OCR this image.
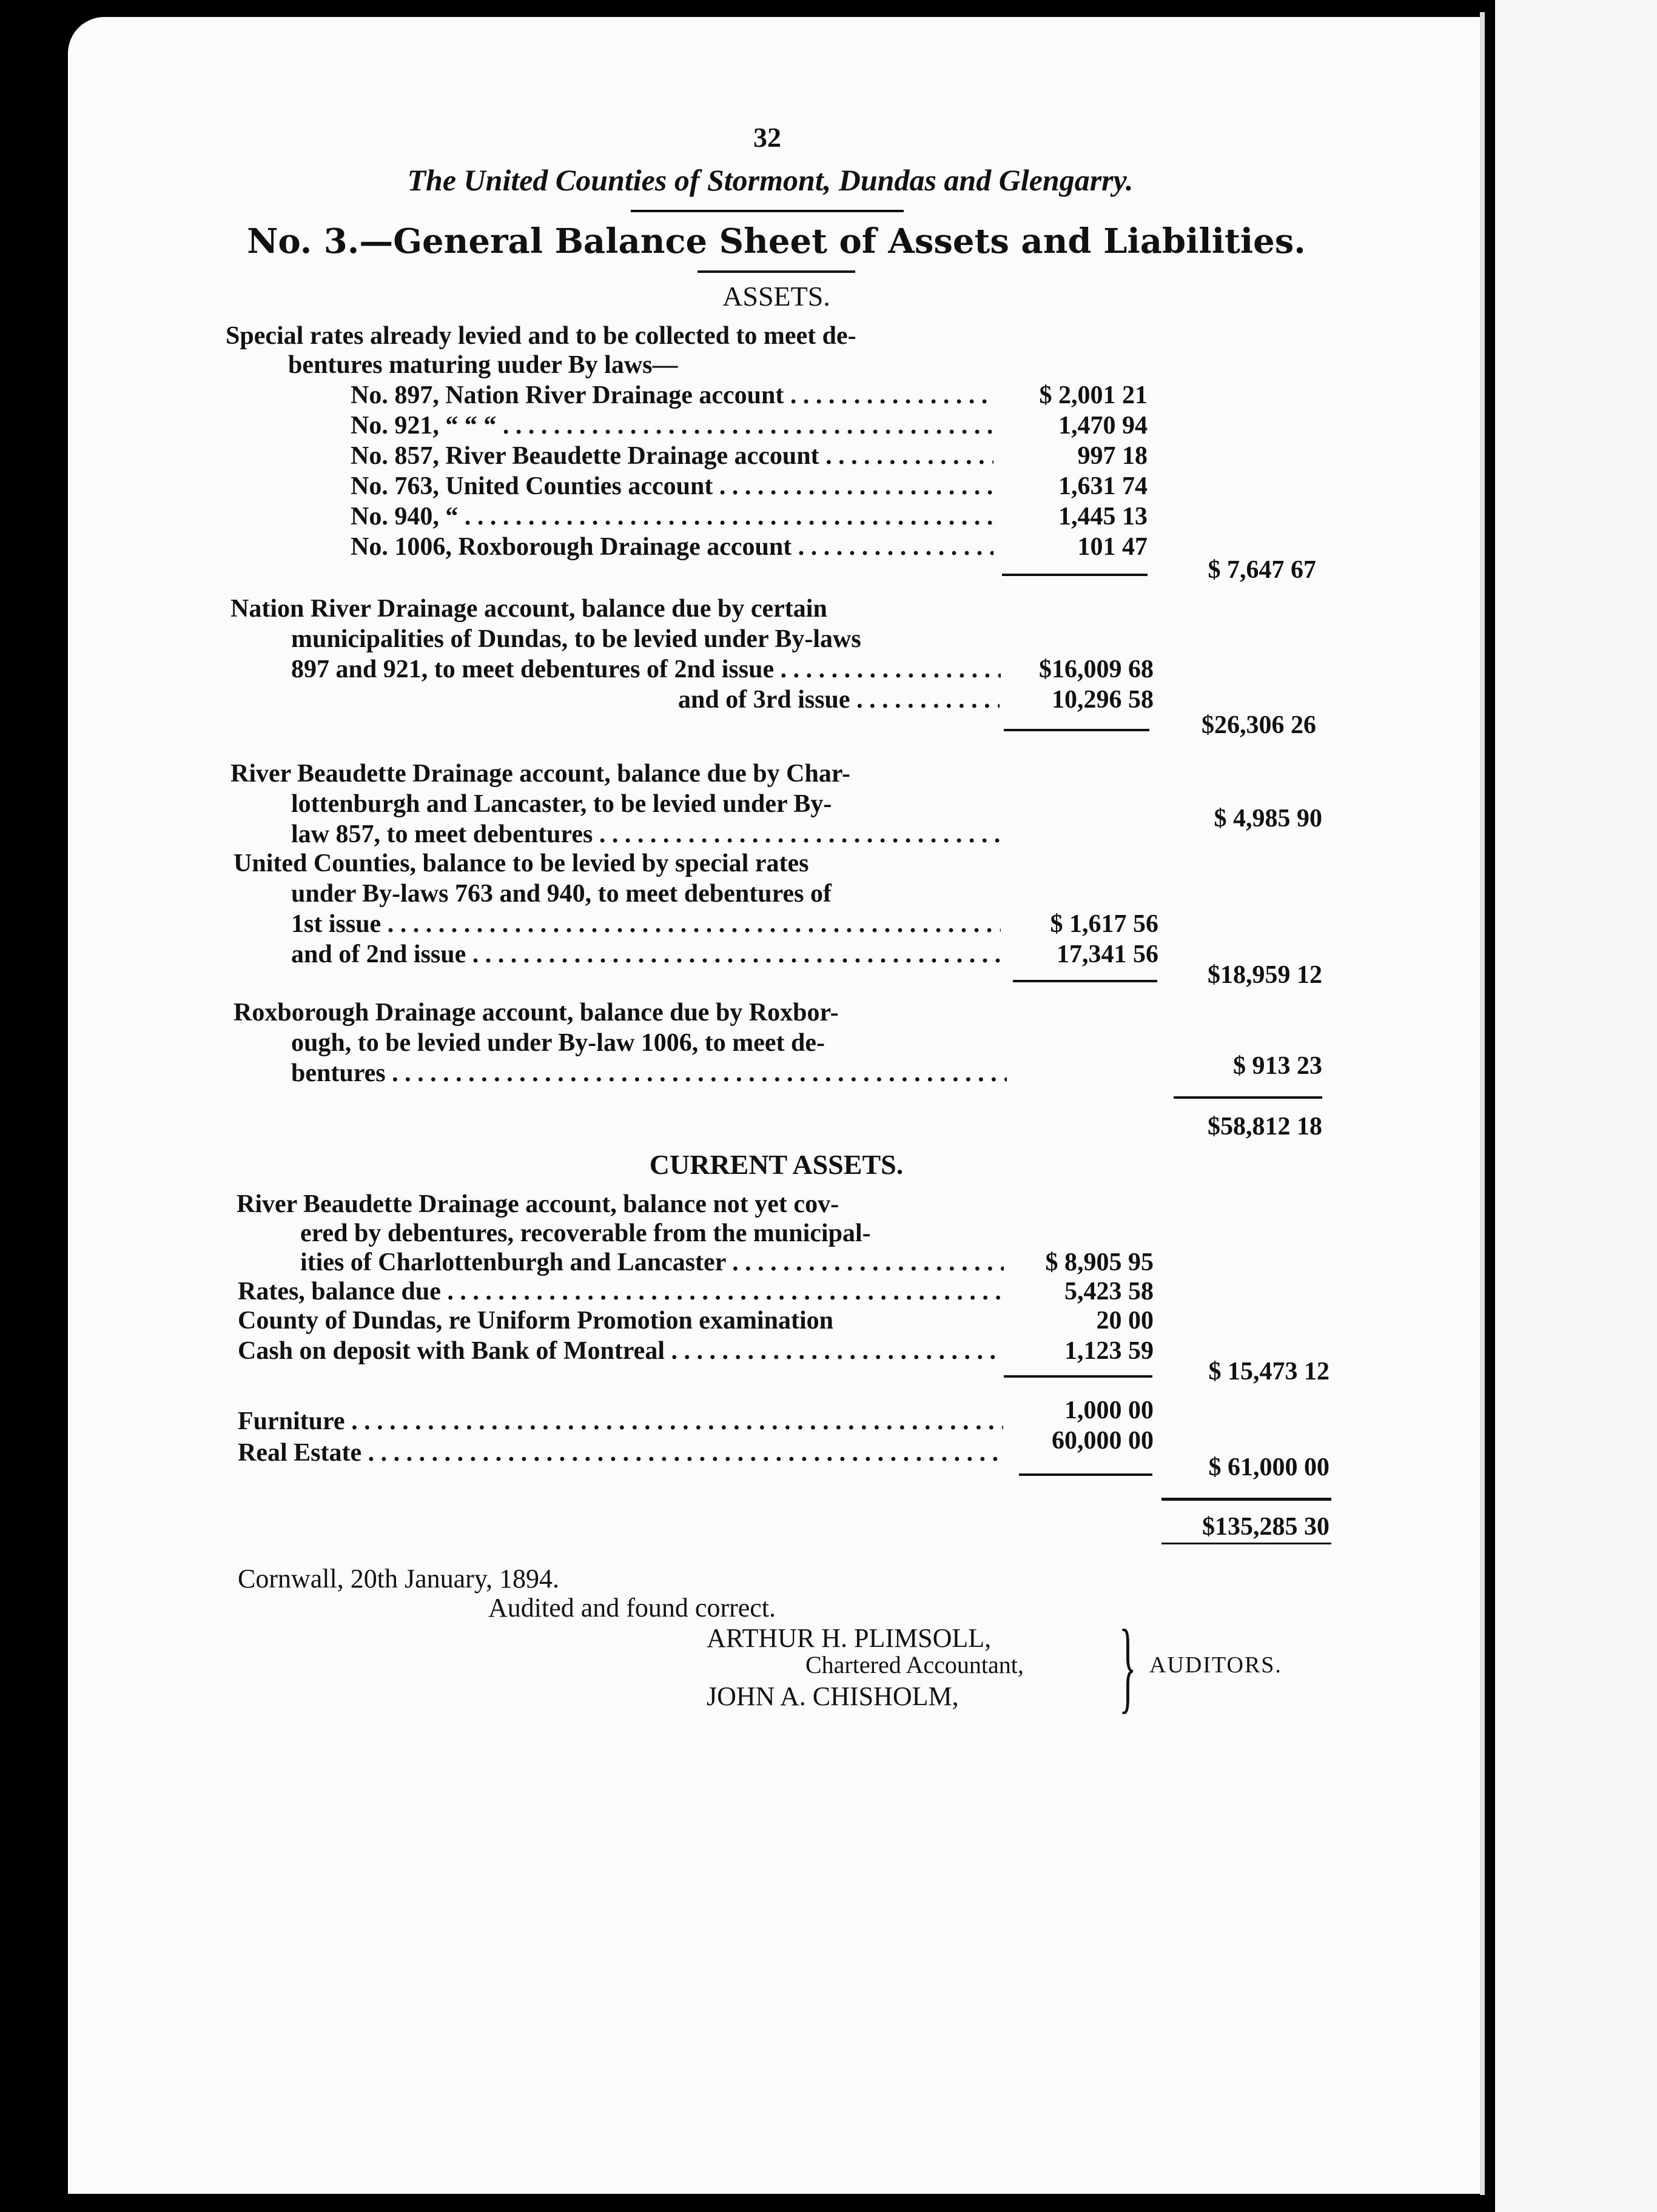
32
The United Counties of Stormont, Dundas and Glengarry.
No. 3.—General Balance Sheet of Assets and Liabilities.
ASSETS.
Special rates already levied and to be collected to meet de-
bentures maturing uuder By laws—
No. 897, Nation River Drainage account . . .	$ 2,001 21
No. 921, “ “ “ . . .	1,470 94
No. 857, River Beaudette Drainage account . . .	997 18
No. 763, United Counties account . . .	1,631 74
No. 940, “ . . .	1,445 13
No. 1006, Roxborough Drainage account . . .	101 47
$ 7,647 67
Nation River Drainage account, balance due by certain
municipalities of Dundas, to be levied under By-laws
897 and 921, to meet debentures of 2nd issue . . .	$16,009 68
and of 3rd issue . . .	10,296 58
$26,306 26
River Beaudette Drainage account, balance due by Char-
lottenburgh and Lancaster, to be levied under By-
law 857, to meet debentures . . .
$ 4,985 90
United Counties, balance to be levied by special rates
under By-laws 763 and 940, to meet debentures of
1st issue . . .	$ 1,617 56
and of 2nd issue . . .	17,341 56
$18,959 12
Roxborough Drainage account, balance due by Roxbor-
ough, to be levied under By-law 1006, to meet de-
bentures . . .	$ 913 23
$58,812 18
CURRENT ASSETS.
River Beaudette Drainage account, balance not yet cov-
ered by debentures, recoverable from the municipal-
ities of Charlottenburgh and Lancaster . . .	$ 8,905 95
Rates, balance due . . .	5,423 58
County of Dundas, re Uniform Promotion examination	20 00
Cash on deposit with Bank of Montreal . . .	1,123 59
$ 15,473 12
Furniture . . .	1,000 00
Real Estate . . .	60,000 00
$ 61,000 00
$135,285 30
Cornwall, 20th January, 1894.
Audited and found correct.
ARTHUR H. PLIMSOLL,
Chartered Accountant,
JOHN A. CHISHOLM, } AUDITORS.
